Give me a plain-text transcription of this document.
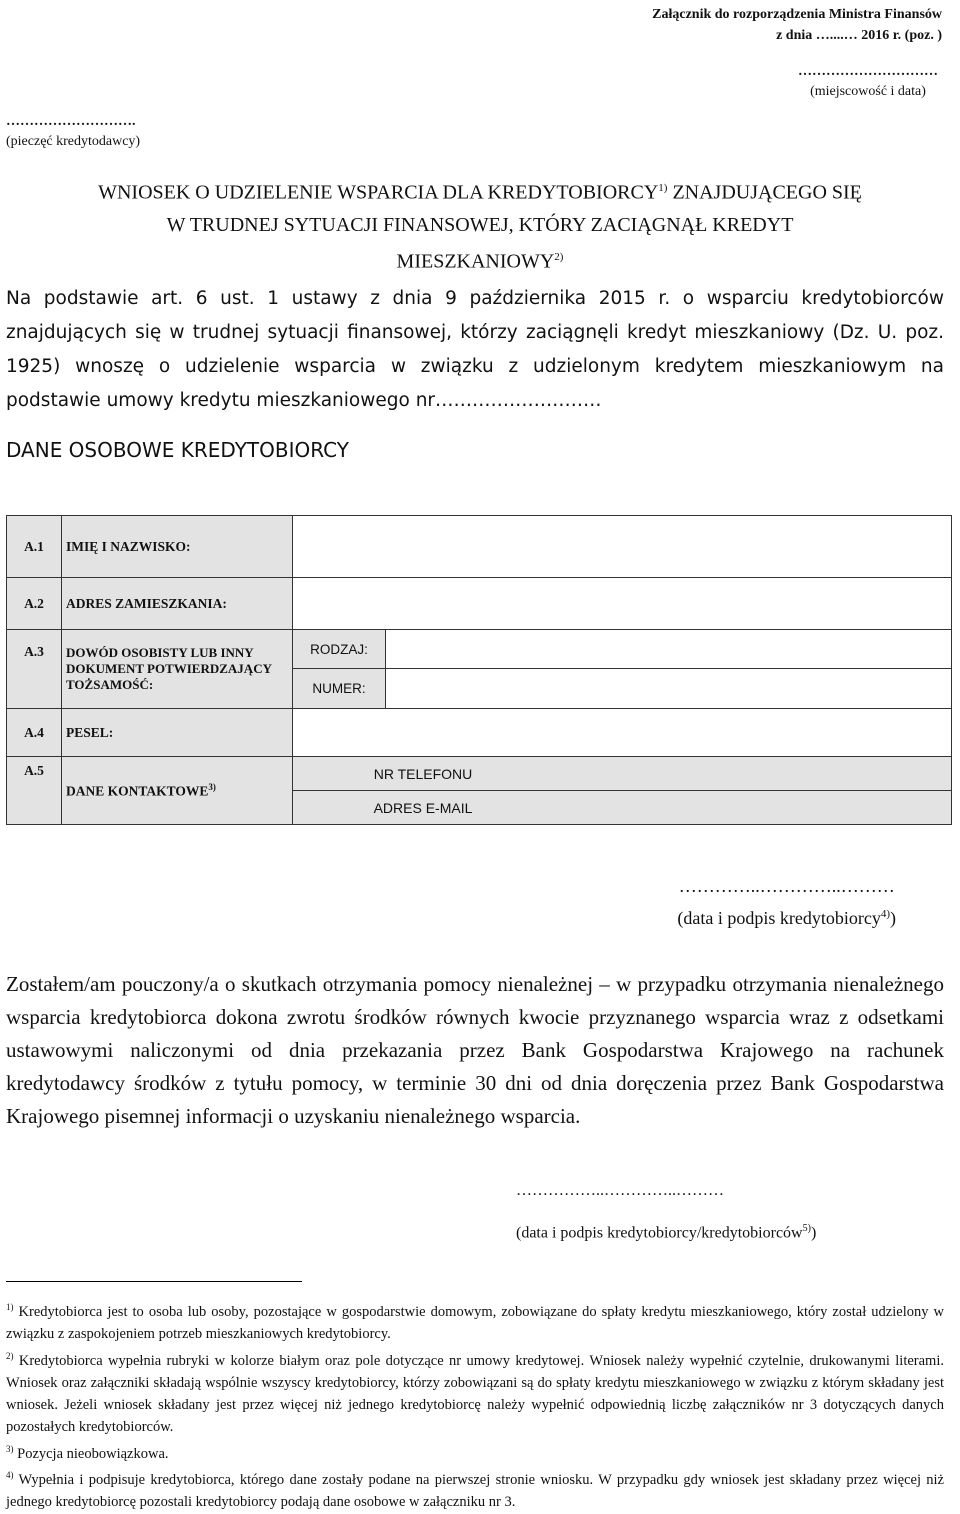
Załącznik do rozporządzenia Ministra Finansów
z dnia …....… 2016 r. (poz. )
…………………………
(miejscowość i data)
……………………….
(pieczęć kredytodawcy)
WNIOSEK O UDZIELENIE WSPARCIA DLA KREDYTOBIORCY$^{1)}$ ZNAJDUJĄCEGO SIĘ
W TRUDNEJ SYTUACJI FINANSOWEJ, KTÓRY ZACIĄGNĄŁ KREDYT
MIESZKANIOWY$^{2)}$
Na podstawie art. 6 ust. 1 ustawy z dnia 9 października 2015 r. o wsparciu kredytobiorców znajdujących się w trudnej sytuacji finansowej, którzy zaciągnęli kredyt mieszkaniowy (Dz. U. poz. 1925) wnoszę o udzielenie wsparcia w związku z udzielonym kredytem mieszkaniowym na podstawie umowy kredytu mieszkaniowego nr………………………
DANE OSOBOWE KREDYTOBIORCY
A.1	IMIĘ I NAZWISKO:		
A.2	ADRES ZAMIESZKANIA:		
A.3	DOWÓD OSOBISTY LUB INNY DOKUMENT POTWIERDZAJĄCY TOŻSAMOŚĆ:	RODZAJ:	
		NUMER:	
A.4	PESEL:		
A.5	DANE KONTAKTOWE$^{3)}$	NR TELEFONU	
		ADRES E-MAIL	
…………..…………..………
(data i podpis kredytobiorcy$^{4)}$)
Zostałem/am pouczony/a o skutkach otrzymania pomocy nienależnej – w przypadku otrzymania nienależnego wsparcia kredytobiorca dokona zwrotu środków równych kwocie przyznanego wsparcia wraz z odsetkami ustawowymi naliczonymi od dnia przekazania przez Bank Gospodarstwa Krajowego na rachunek kredytodawcy środków z tytułu pomocy, w terminie 30 dni od dnia doręczenia przez Bank Gospodarstwa Krajowego pisemnej informacji o uzyskaniu nienależnego wsparcia.
……………..…………..………
(data i podpis kredytobiorcy/kredytobiorców$^{5)}$)

$^{1)}$ Kredytobiorca jest to osoba lub osoby, pozostające w gospodarstwie domowym, zobowiązane do spłaty kredytu mieszkaniowego, który został udzielony w związku z zaspokojeniem potrzeb mieszkaniowych kredytobiorcy.

$^{2)}$ Kredytobiorca wypełnia rubryki w kolorze białym oraz pole dotyczące nr umowy kredytowej. Wniosek należy wypełnić czytelnie, drukowanymi literami. Wniosek oraz załączniki składają wspólnie wszyscy kredytobiorcy, którzy zobowiązani są do spłaty kredytu mieszkaniowego w związku z którym składany jest wniosek. Jeżeli wniosek składany jest przez więcej niż jednego kredytobiorcę należy wypełnić odpowiednią liczbę załączników nr 3 dotyczących danych pozostałych kredytobiorców.

$^{3)}$ Pozycja nieobowiązkowa.

$^{4)}$ Wypełnia i podpisuje kredytobiorca, którego dane zostały podane na pierwszej stronie wniosku. W przypadku gdy wniosek jest składany przez więcej niż jednego kredytobiorcę pozostali kredytobiorcy podają dane osobowe w załączniku nr 3.
